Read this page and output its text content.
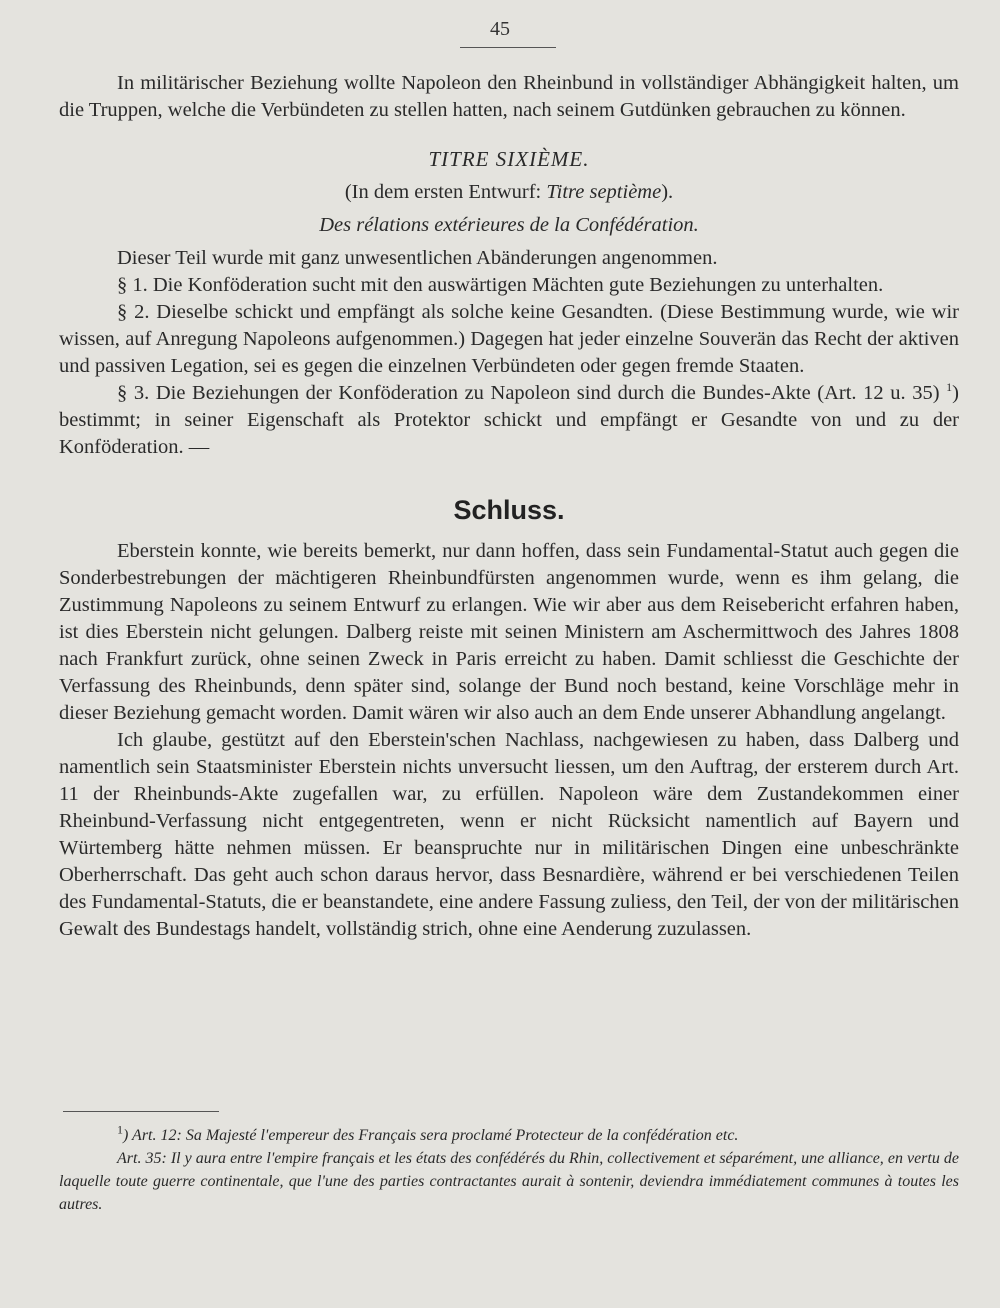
45

In militärischer Beziehung wollte Napoleon den Rheinbund in vollständiger Abhängigkeit halten, um die Truppen, welche die Verbündeten zu stellen hatten, nach seinem Gutdünken gebrauchen zu können.

TITRE SIXIÈME.

(In dem ersten Entwurf: Titre septième).

Des rélations extérieures de la Confédération.

Dieser Teil wurde mit ganz unwesentlichen Abänderungen angenommen.

§ 1. Die Konföderation sucht mit den auswärtigen Mächten gute Beziehungen zu unterhalten.

§ 2. Dieselbe schickt und empfängt als solche keine Gesandten. (Diese Bestimmung wurde, wie wir wissen, auf Anregung Napoleons aufgenommen.) Dagegen hat jeder einzelne Souverän das Recht der aktiven und passiven Legation, sei es gegen die einzelnen Verbündeten oder gegen fremde Staaten.

§ 3. Die Beziehungen der Konföderation zu Napoleon sind durch die Bundes-Akte (Art. 12 u. 35) $^1$) bestimmt; in seiner Eigenschaft als Protektor schickt und empfängt er Gesandte von und zu der Konföderation. —

Schluss.

Eberstein konnte, wie bereits bemerkt, nur dann hoffen, dass sein Fundamental-Statut auch gegen die Sonderbestrebungen der mächtigeren Rheinbundfürsten angenommen wurde, wenn es ihm gelang, die Zustimmung Napoleons zu seinem Entwurf zu erlangen. Wie wir aber aus dem Reisebericht erfahren haben, ist dies Eberstein nicht gelungen. Dalberg reiste mit seinen Ministern am Aschermittwoch des Jahres 1808 nach Frankfurt zurück, ohne seinen Zweck in Paris erreicht zu haben. Damit schliesst die Geschichte der Verfassung des Rheinbunds, denn später sind, solange der Bund noch bestand, keine Vorschläge mehr in dieser Beziehung gemacht worden. Damit wären wir also auch an dem Ende unserer Abhandlung angelangt.

Ich glaube, gestützt auf den Eberstein'schen Nachlass, nachgewiesen zu haben, dass Dalberg und namentlich sein Staatsminister Eberstein nichts unversucht liessen, um den Auftrag, der ersterem durch Art. 11 der Rheinbunds-Akte zugefallen war, zu erfüllen. Napoleon wäre dem Zustandekommen einer Rheinbund-Verfassung nicht entgegentreten, wenn er nicht Rücksicht namentlich auf Bayern und Würtemberg hätte nehmen müssen. Er beanspruchte nur in militärischen Dingen eine unbeschränkte Oberherrschaft. Das geht auch schon daraus hervor, dass Besnardière, während er bei verschiedenen Teilen des Fundamental-Statuts, die er beanstandete, eine andere Fassung zuliess, den Teil, der von der militärischen Gewalt des Bundestags handelt, vollständig strich, ohne eine Aenderung zuzulassen.

$^1$) Art. 12: Sa Majesté l'empereur des Français sera proclamé Protecteur de la confédération etc.

Art. 35: Il y aura entre l'empire français et les états des confédérés du Rhin, collectivement et séparément, une alliance, en vertu de laquelle toute guerre continentale, que l'une des parties contractantes aurait à sontenir, deviendra immédiatement communes à toutes les autres.
